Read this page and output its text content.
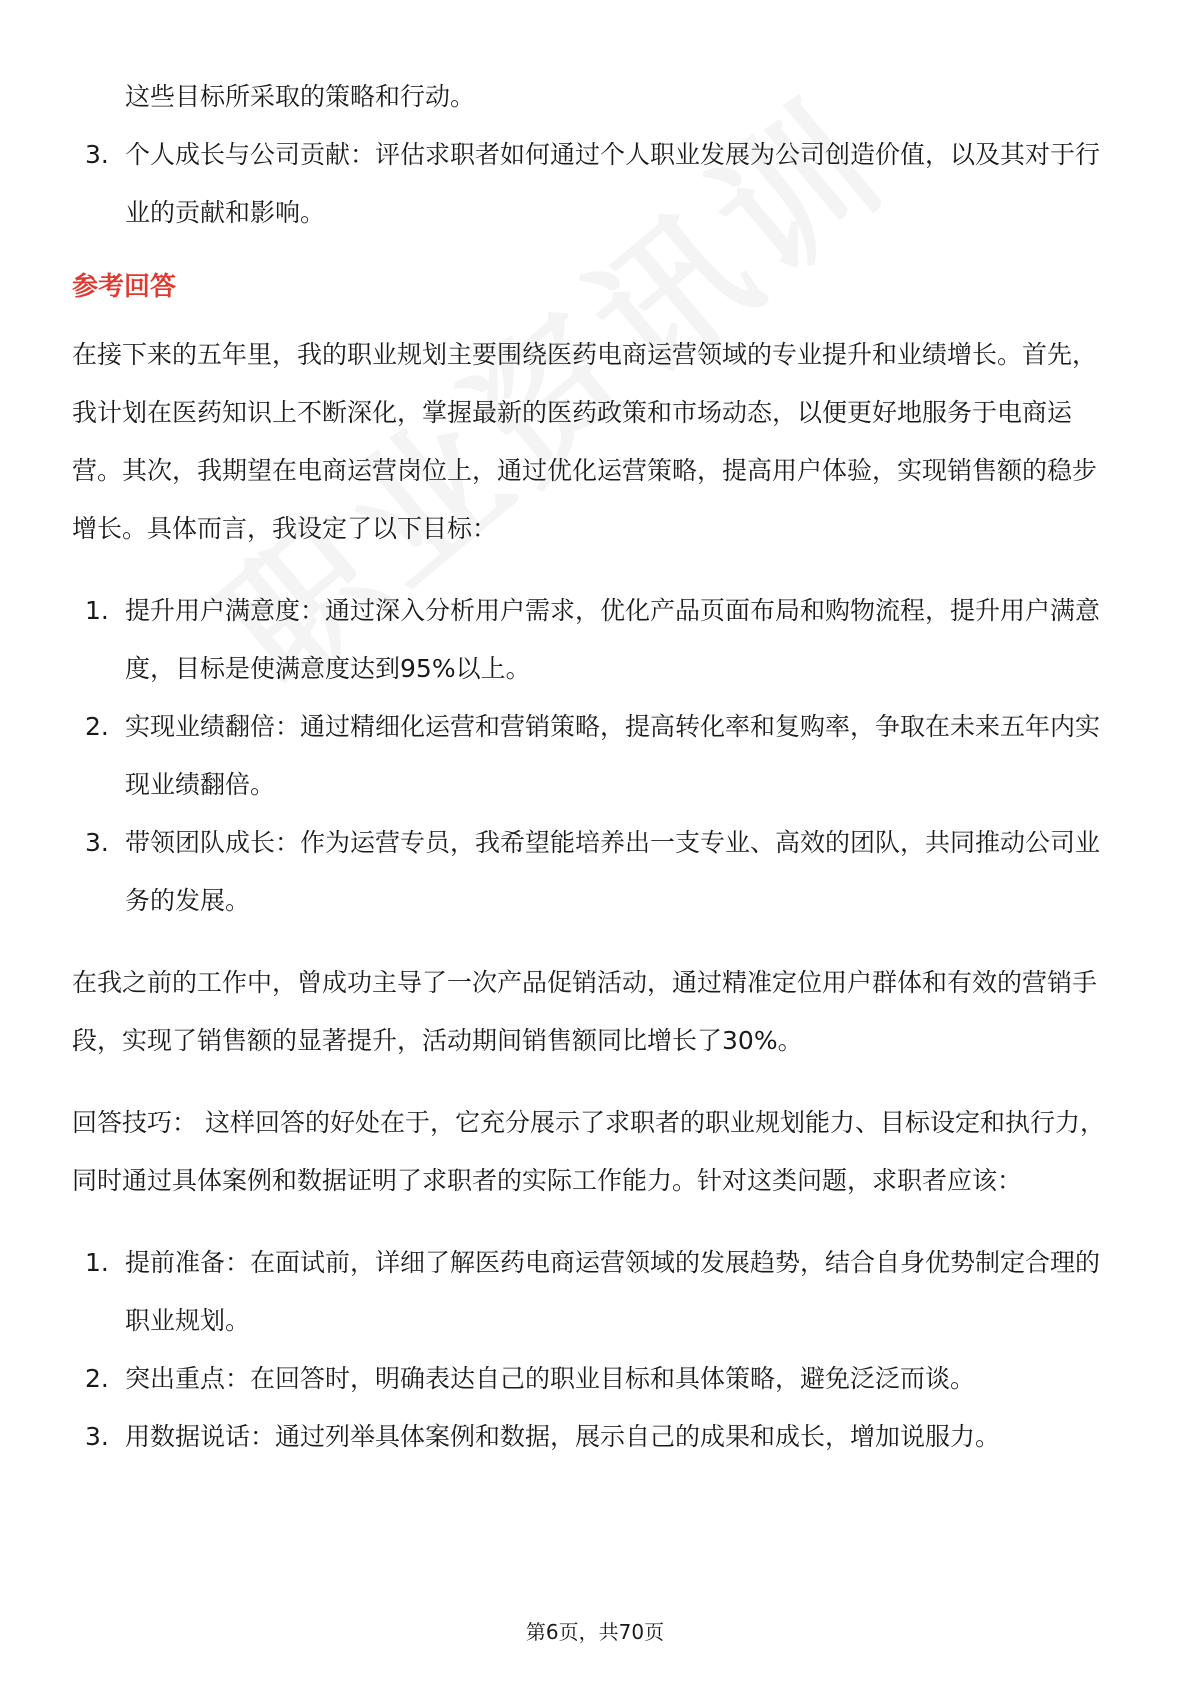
这些目标所采取的策略和行动。

3. 个人成长与公司贡献：评估求职者如何通过个人职业发展为公司创造价值，以及其对于行业的贡献和影响。
参考回答

在接下来的五年里，我的职业规划主要围绕医药电商运营领域的专业提升和业绩增长。首先，我计划在医药知识上不断深化，掌握最新的医药政策和市场动态，以便更好地服务于电商运营。其次，我期望在电商运营岗位上，通过优化运营策略，提高用户体验，实现销售额的稳步增长。具体而言，我设定了以下目标：

1. 提升用户满意度：通过深入分析用户需求，优化产品页面布局和购物流程，提升用户满意度，目标是使满意度达到95%以上。
2. 实现业绩翻倍：通过精细化运营和营销策略，提高转化率和复购率，争取在未来五年内实现业绩翻倍。
3. 带领团队成长：作为运营专员，我希望能培养出一支专业、高效的团队，共同推动公司业务的发展。

在我之前的工作中，曾成功主导了一次产品促销活动，通过精准定位用户群体和有效的营销手段，实现了销售额的显著提升，活动期间销售额同比增长了30%。

回答技巧： 这样回答的好处在于，它充分展示了求职者的职业规划能力、目标设定和执行力，同时通过具体案例和数据证明了求职者的实际工作能力。针对这类问题，求职者应该：

1. 提前准备：在面试前，详细了解医药电商运营领域的发展趋势，结合自身优势制定合理的职业规划。
2. 突出重点：在回答时，明确表达自己的职业目标和具体策略，避免泛泛而谈。
3. 用数据说话：通过列举具体案例和数据，展示自己的成果和成长，增加说服力。
第6页，共70页
